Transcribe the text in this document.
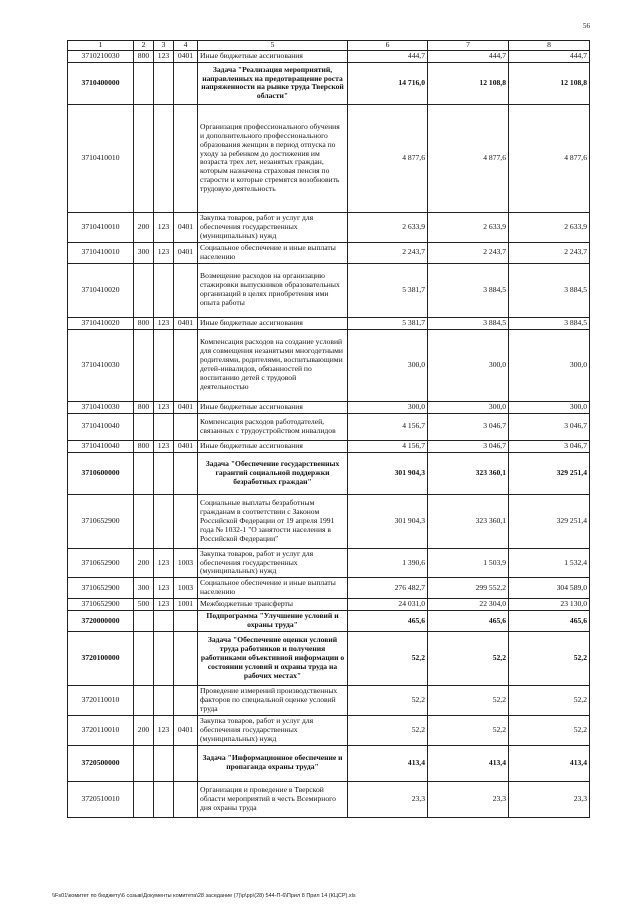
56
1	2	3	4	5	6	7	8
3710210030	800	123	0401	Иные бюджетные ассигнования	444,7	444,7	444,7
3710400000				Задача "Реализация мероприятий, направленных на предотвращение роста напряженности на рынке труда Тверской области"	14 716,0	12 108,8	12 108,8
3710410010				Организация профессионального обучения и дополнительного профессионального образования женщин в период отпуска по уходу за ребенком до достижения им возраста трех лет, незанятых граждан, которым назначена страховая пенсия по старости и которые стремятся возобновить трудовую деятельность	4 877,6	4 877,6	4 877,6
3710410010	200	123	0401	Закупка товаров, работ и услуг для обеспечения государственных (муниципальных) нужд	2 633,9	2 633,9	2 633,9
3710410010	300	123	0401	Социальное обеспечение и иные выплаты населению	2 243,7	2 243,7	2 243,7
3710410020				Возмещение расходов на организацию стажировки выпускников образовательных организаций в целях приобретения ими опыта работы	5 381,7	3 884,5	3 884,5
3710410020	800	123	0401	Иные бюджетные ассигнования	5 381,7	3 884,5	3 884,5
3710410030				Компенсация расходов на создание условий для совмещения незанятыми многодетными родителями, родителями, воспитывающими детей-инвалидов, обязанностей по воспитанию детей с трудовой деятельностью	300,0	300,0	300,0
3710410030	800	123	0401	Иные бюджетные ассигнования	300,0	300,0	300,0
3710410040				Компенсация расходов работодателей, связанных с трудоустройством инвалидов	4 156,7	3 046,7	3 046,7
3710410040	800	123	0401	Иные бюджетные ассигнования	4 156,7	3 046,7	3 046,7
3710600000				Задача "Обеспечение государственных гарантий социальной поддержки безработных граждан"	301 904,3	323 360,1	329 251,4
3710652900				Социальные выплаты безработным гражданам в соответствии с Законом Российской Федерации от 19 апреля 1991 года № 1032-1 "О занятости населения в Российской Федерации"	301 904,3	323 360,1	329 251,4
3710652900	200	123	1003	Закупка товаров, работ и услуг для обеспечения государственных (муниципальных) нужд	1 390,6	1 503,9	1 532,4
3710652900	300	123	1003	Социальное обеспечение и иные выплаты населению	276 482,7	299 552,2	304 589,0
3710652900	500	123	1001	Межбюджетные трансферты	24 031,0	22 304,0	23 130,0
3720000000				Подпрограмма "Улучшение условий и охраны труда"	465,6	465,6	465,6
3720100000				Задача "Обеспечение оценки условий труда работников и получения работниками объективной информации о состоянии условий и охраны труда на рабочих местах"	52,2	52,2	52,2
3720110010				Проведение измерений производственных факторов по специальной оценке условий труда	52,2	52,2	52,2
3720110010	200	123	0401	Закупка товаров, работ и услуг для обеспечения государственных (муниципальных) нужд	52,2	52,2	52,2
3720500000				Задача "Информационное обеспечение и пропаганда охраны труда"	413,4	413,4	413,4
3720510010				Организация и проведение в Тверской области мероприятий в честь Всемирного дня охраны труда	23,3	23,3	23,3
\\Fs01\комитет по бюджету\6 созыв\Документы комитета\28 заседание (7)\р\рр\(28) 544-П-6\Прил 8 Прил 14 (КЦСР).xls
